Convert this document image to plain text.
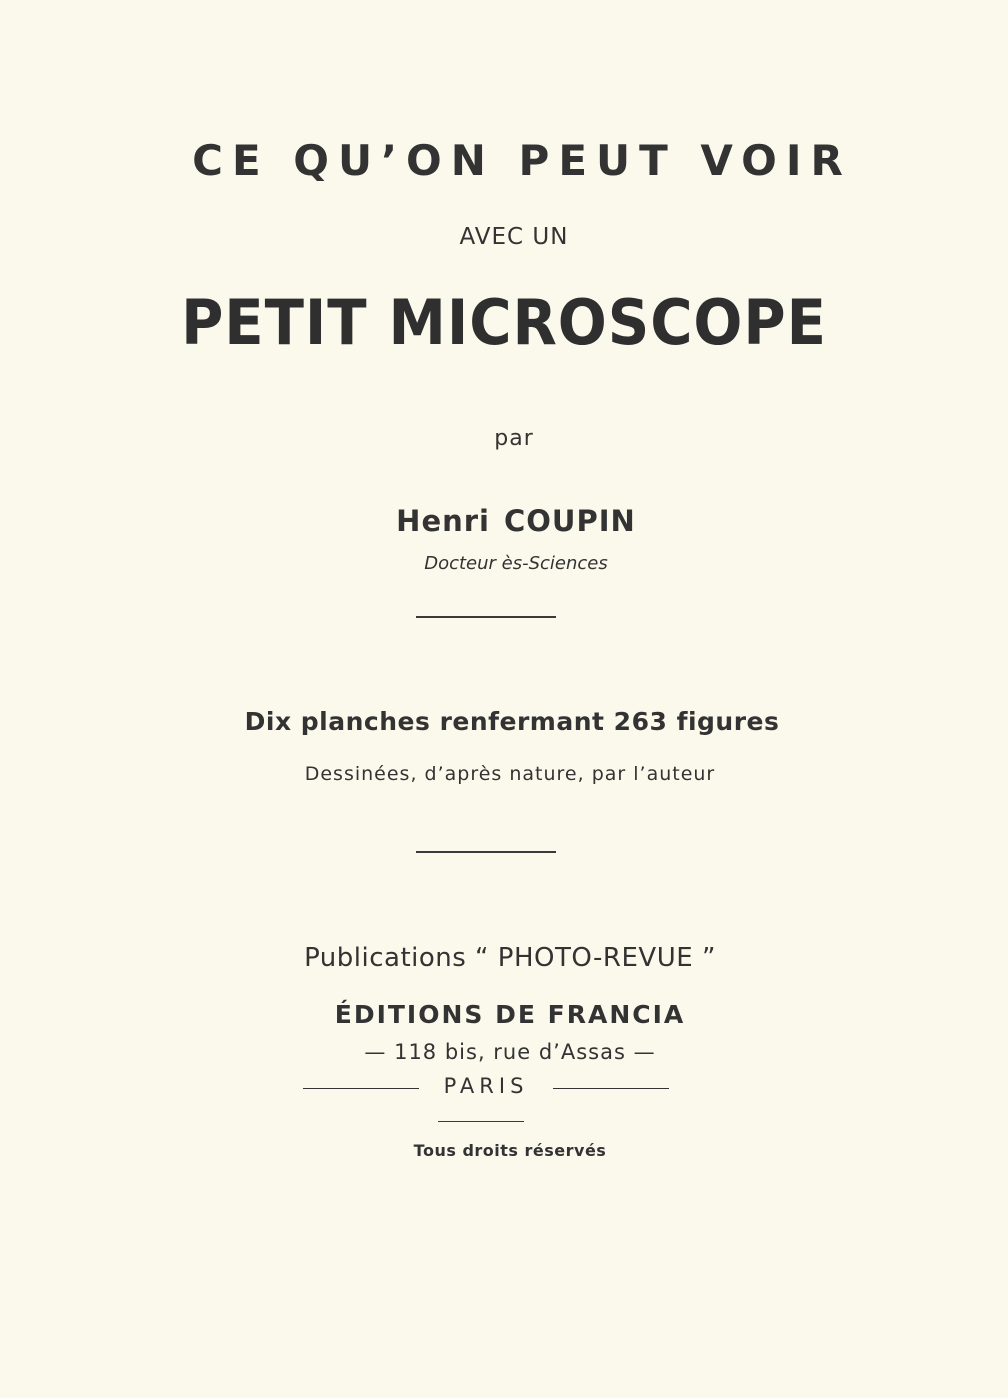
CE QU’ON PEUT VOIR
AVEC UN
PETIT MICROSCOPE
par
Henri COUPIN
Docteur ès-Sciences
Dix planches renfermant 263 figures
Dessinées, d’après nature, par l’auteur
Publications “ PHOTO-REVUE ”
ÉDITIONS DE FRANCIA
— 118 bis, rue d’Assas —
PARIS
Tous droits réservés
